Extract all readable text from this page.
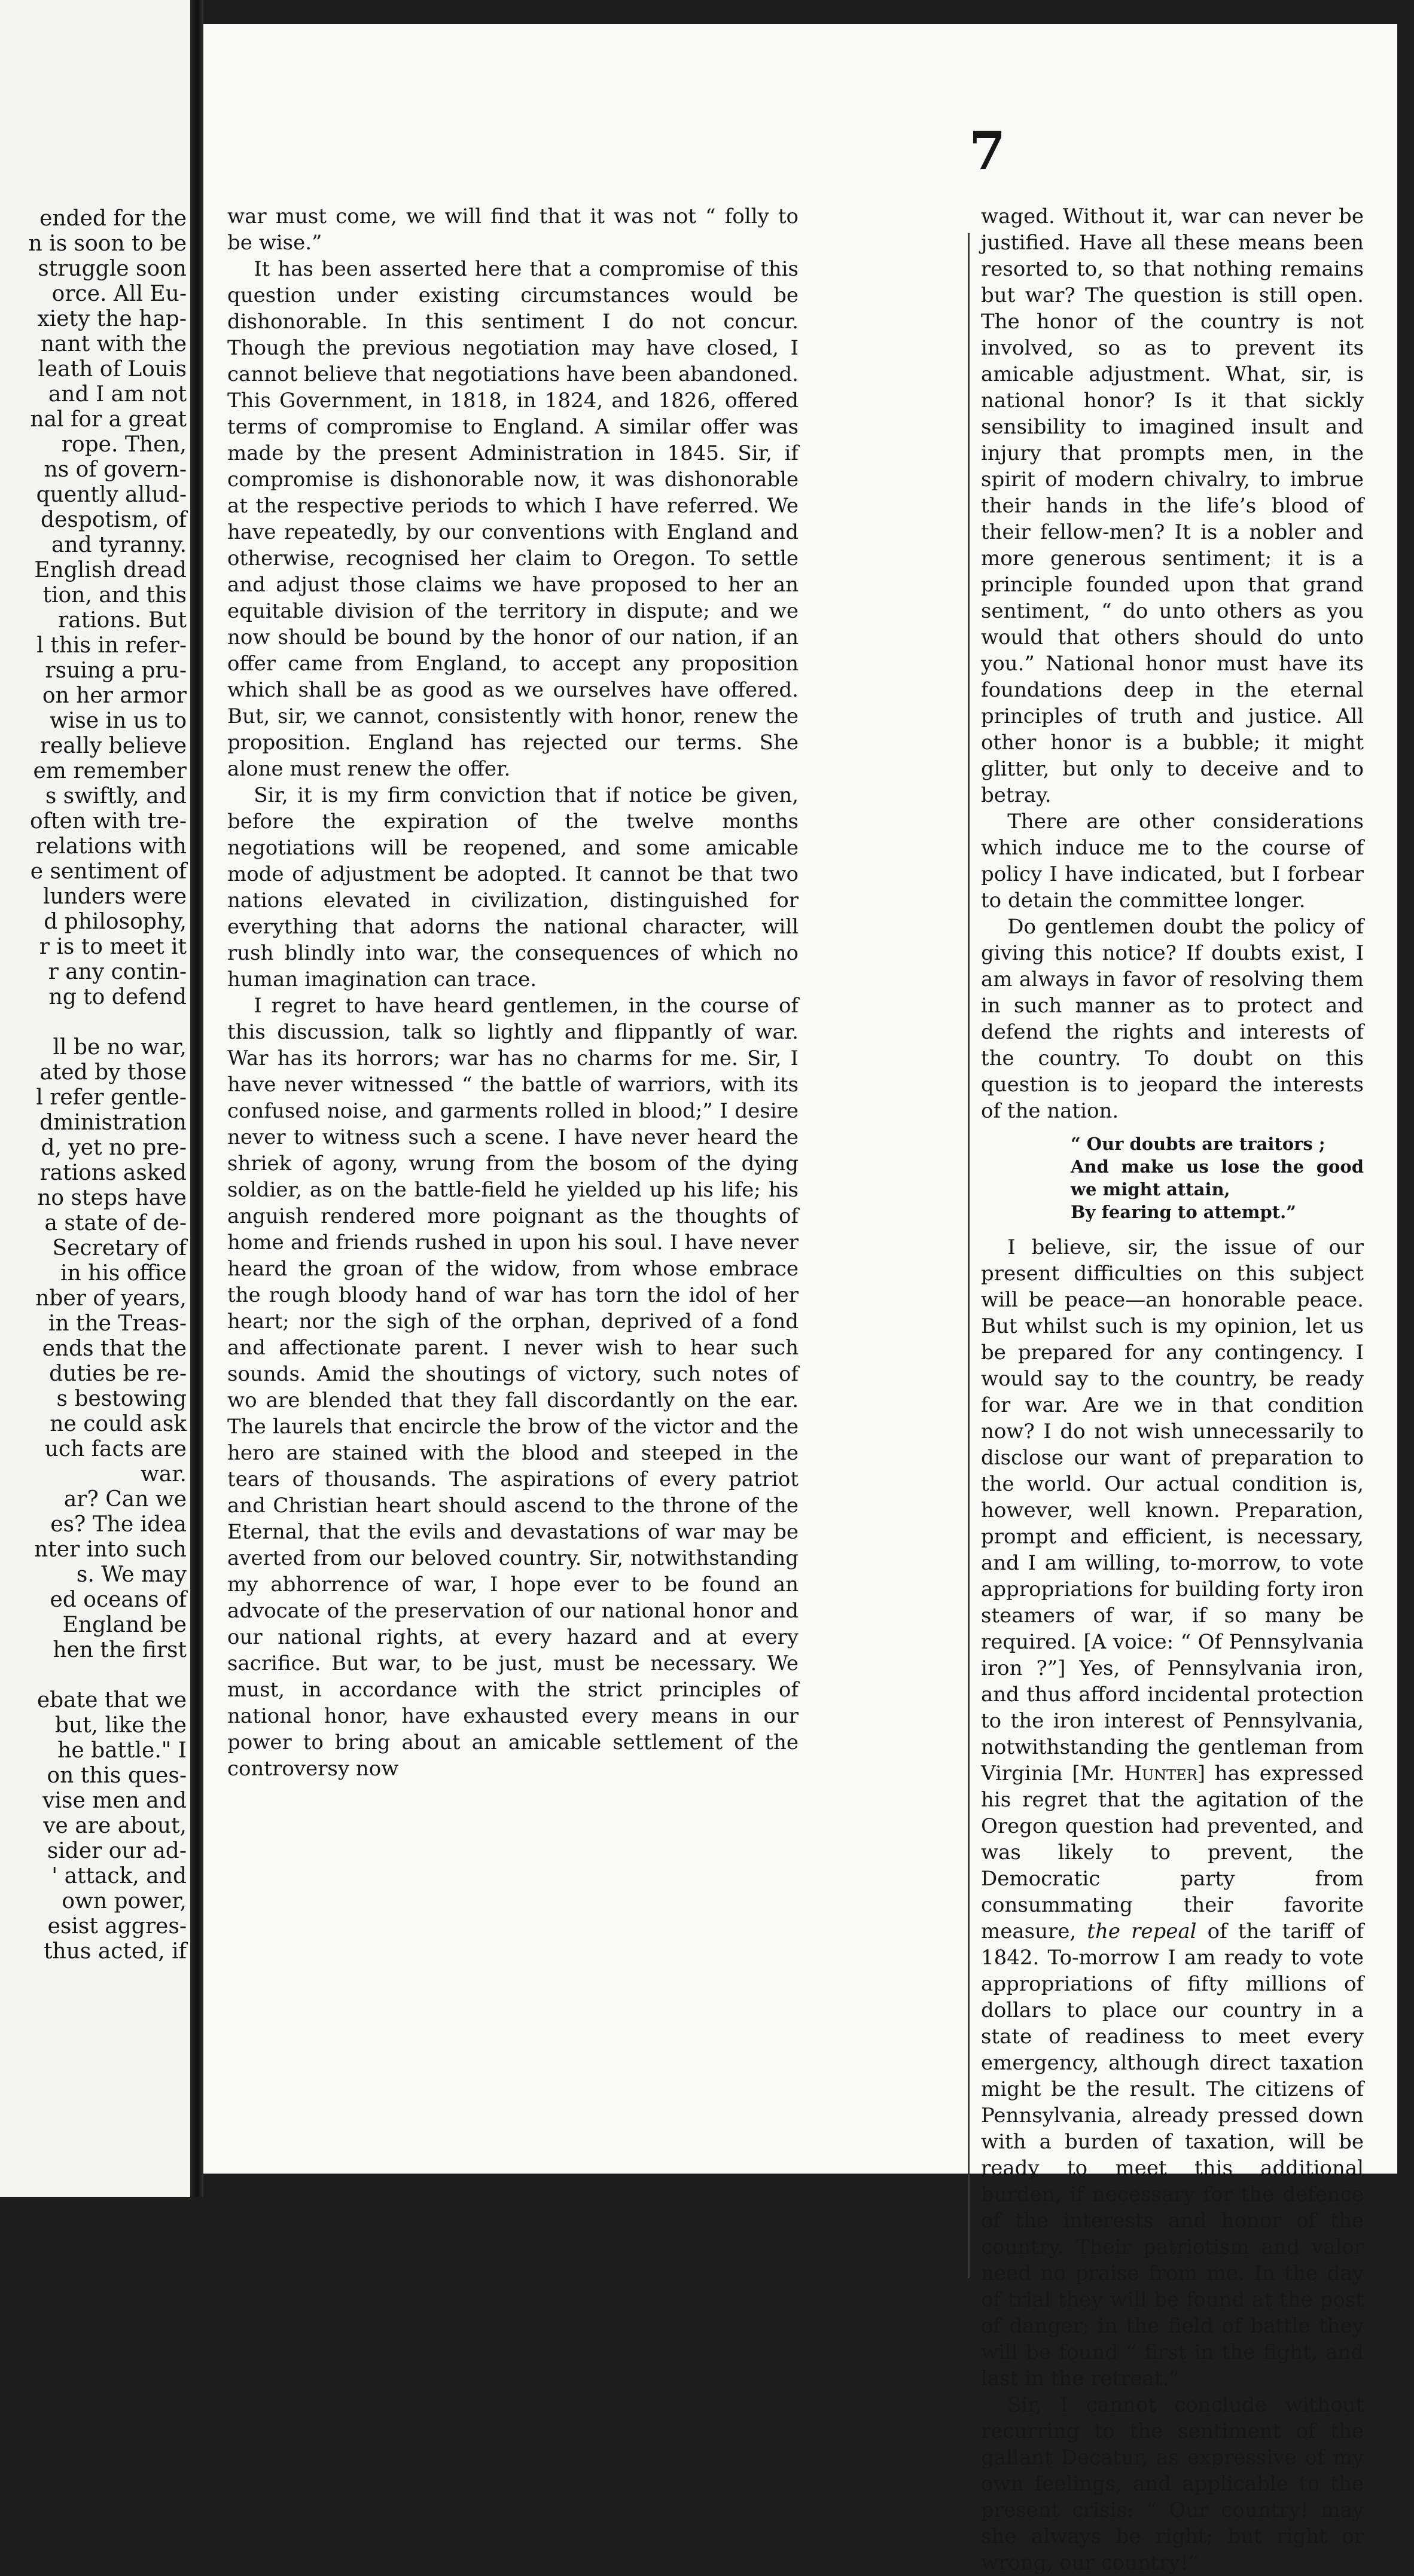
ended for the
n is soon to be
struggle soon
orce. All Eu-
xiety the hap-
nant with the
leath of Louis
and I am not
nal for a great
rope. Then,
ns of govern-
quently allud-
despotism, of
and tyranny.
English dread
tion, and this
rations. But
l this in refer-
rsuing a pru-
on her armor
wise in us to
really believe
em remember
s swiftly, and
often with tre-
relations with
e sentiment of
lunders were
d philosophy,
r is to meet it
r any contin-
ng to defend

ll be no war,
ated by those
l refer gentle-
dministration
d, yet no pre-
rations asked
no steps have
a state of de-
Secretary of
in his office
nber of years,
in the Treas-
ends that the
duties be re-
s bestowing
ne could ask
uch facts are
war.
ar? Can we
es? The idea
nter into such
s. We may
ed oceans of
England be
hen the first

ebate that we
but, like the
he battle." I
on this ques-
vise men and
ve are about,
sider our ad-
' attack, and
own power,
esist aggres-
thus acted, if
7

war must come, we will find that it was not “ folly to be wise.”

It has been asserted here that a compromise of this question under existing circumstances would be dishonorable. In this sentiment I do not concur. Though the previous negotiation may have closed, I cannot believe that negotiations have been abandoned. This Government, in 1818, in 1824, and 1826, offered terms of compromise to England. A similar offer was made by the present Administration in 1845. Sir, if compromise is dishonorable now, it was dishonorable at the respective periods to which I have referred. We have repeatedly, by our conventions with England and otherwise, recognised her claim to Oregon. To settle and adjust those claims we have proposed to her an equitable division of the territory in dispute; and we now should be bound by the honor of our nation, if an offer came from England, to accept any proposition which shall be as good as we ourselves have offered. But, sir, we cannot, consistently with honor, renew the proposition. England has rejected our terms. She alone must renew the offer.

Sir, it is my firm conviction that if notice be given, before the expiration of the twelve months negotiations will be reopened, and some amicable mode of adjustment be adopted. It cannot be that two nations elevated in civilization, distinguished for everything that adorns the national character, will rush blindly into war, the consequences of which no human imagination can trace.

I regret to have heard gentlemen, in the course of this discussion, talk so lightly and flippantly of war. War has its horrors; war has no charms for me. Sir, I have never witnessed “ the battle of warriors, with its confused noise, and garments rolled in blood;” I desire never to witness such a scene. I have never heard the shriek of agony, wrung from the bosom of the dying soldier, as on the battle-field he yielded up his life; his anguish rendered more poignant as the thoughts of home and friends rushed in upon his soul. I have never heard the groan of the widow, from whose embrace the rough bloody hand of war has torn the idol of her heart; nor the sigh of the orphan, deprived of a fond and affectionate parent. I never wish to hear such sounds. Amid the shoutings of victory, such notes of wo are blended that they fall discordantly on the ear. The laurels that encircle the brow of the victor and the hero are stained with the blood and steeped in the tears of thousands. The aspirations of every patriot and Christian heart should ascend to the throne of the Eternal, that the evils and devastations of war may be averted from our beloved country. Sir, notwithstanding my abhorrence of war, I hope ever to be found an advocate of the preservation of our national honor and our national rights, at every hazard and at every sacrifice. But war, to be just, must be necessary. We must, in accordance with the strict principles of national honor, have exhausted every means in our power to bring about an amicable settlement of the controversy now

waged. Without it, war can never be justified. Have all these means been resorted to, so that nothing remains but war? The question is still open. The honor of the country is not involved, so as to prevent its amicable adjustment. What, sir, is national honor? Is it that sickly sensibility to imagined insult and injury that prompts men, in the spirit of modern chivalry, to imbrue their hands in the life’s blood of their fellow-men? It is a nobler and more generous sentiment; it is a principle founded upon that grand sentiment, “ do unto others as you would that others should do unto you.” National honor must have its foundations deep in the eternal principles of truth and justice. All other honor is a bubble; it might glitter, but only to deceive and to betray.

There are other considerations which induce me to the course of policy I have indicated, but I forbear to detain the committee longer.

Do gentlemen doubt the policy of giving this notice? If doubts exist, I am always in favor of resolving them in such manner as to protect and defend the rights and interests of the country. To doubt on this question is to jeopard the interests of the nation.

“ Our doubts are traitors ;
And make us lose the good we might attain,
By fearing to attempt.”

I believe, sir, the issue of our present difficulties on this subject will be peace—an honorable peace. But whilst such is my opinion, let us be prepared for any contingency. I would say to the country, be ready for war. Are we in that condition now? I do not wish unnecessarily to disclose our want of preparation to the world. Our actual condition is, however, well known. Preparation, prompt and efficient, is necessary, and I am willing, to-morrow, to vote appropriations for building forty iron steamers of war, if so many be required. [A voice: “ Of Pennsylvania iron ?”] Yes, of Pennsylvania iron, and thus afford incidental protection to the iron interest of Pennsylvania, notwithstanding the gentleman from Virginia [Mr. Hunter] has expressed his regret that the agitation of the Oregon question had prevented, and was likely to prevent, the Democratic party from consummating their favorite measure, the repeal of the tariff of 1842. To-morrow I am ready to vote appropriations of fifty millions of dollars to place our country in a state of readiness to meet every emergency, although direct taxation might be the result. The citizens of Pennsylvania, already pressed down with a burden of taxation, will be ready to meet this additional burden, if necessary for the defence of the interests and honor of the country. Their patriotism and valor need no praise from me. In the day of trial they will be found at the post of danger; in the field of battle they will be found “ first in the fight, and last in the retreat.”

Sir, I cannot conclude without recurring to the sentiment of the gallant Decatur, as expressive of my own feelings, and applicable to the present crisis: “ Our country! may she always be right; but right or wrong, our country!”
